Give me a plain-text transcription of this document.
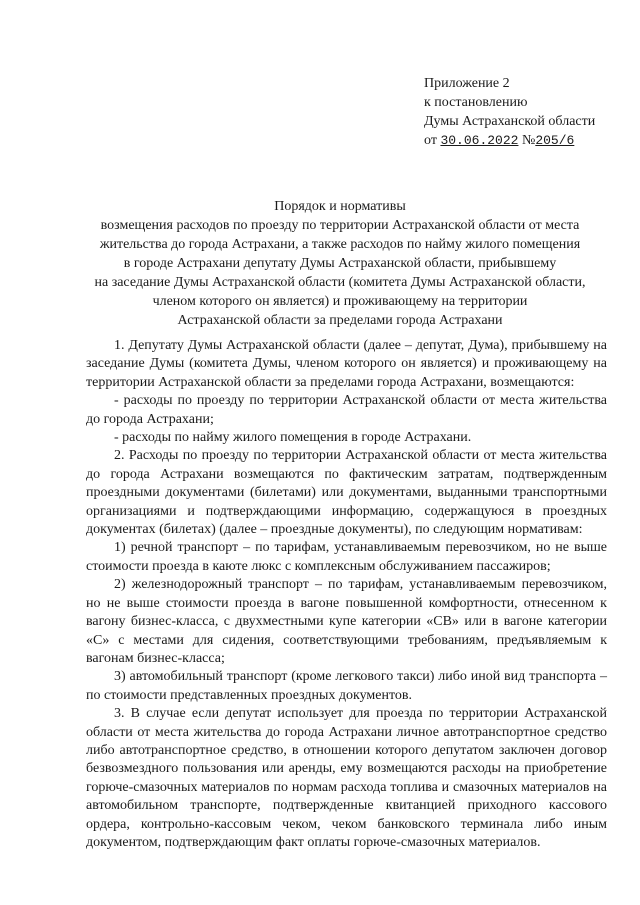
Приложение 2
к постановлению
Думы Астраханской области
от 30.06.2022 №205/6
Порядок и нормативы
возмещения расходов по проезду по территории Астраханской области от места
жительства до города Астрахани, а также расходов по найму жилого помещения
в городе Астрахани депутату Думы Астраханской области, прибывшему
на заседание Думы Астраханской области (комитета Думы Астраханской области,
членом которого он является) и проживающему на территории
Астраханской области за пределами города Астрахани

1. Депутату Думы Астраханской области (далее – депутат, Дума), прибывшему на заседание Думы (комитета Думы, членом которого он является) и проживающему на территории Астраханской области за пределами города Астрахани, возмещаются:

- расходы по проезду по территории Астраханской области от места жительства до города Астрахани;

- расходы по найму жилого помещения в городе Астрахани.

2. Расходы по проезду по территории Астраханской области от места жительства до города Астрахани возмещаются по фактическим затратам, подтвержденным проездными документами (билетами) или документами, выданными транспортными организациями и подтверждающими информацию, содержащуюся в проездных документах (билетах) (далее – проездные документы), по следующим нормативам:

1) речной транспорт – по тарифам, устанавливаемым перевозчиком, но не выше стоимости проезда в каюте люкс с комплексным обслуживанием пассажиров;

2) железнодорожный транспорт – по тарифам, устанавливаемым перевозчиком, но не выше стоимости проезда в вагоне повышенной комфортности, отнесенном к вагону бизнес-класса, с двухместными купе категории «СВ» или в вагоне категории «С» с местами для сидения, соответствующими требованиям, предъявляемым к вагонам бизнес-класса;

3) автомобильный транспорт (кроме легкового такси) либо иной вид транспорта – по стоимости представленных проездных документов.

3. В случае если депутат использует для проезда по территории Астраханской области от места жительства до города Астрахани личное автотранспортное средство либо автотранспортное средство, в отношении которого депутатом заключен договор безвозмездного пользования или аренды, ему возмещаются расходы на приобретение горюче-смазочных материалов по нормам расхода топлива и смазочных материалов на автомобильном транспорте, подтвержденные квитанцией приходного кассового ордера, контрольно-кассовым чеком, чеком банковского терминала либо иным документом, подтверждающим факт оплаты горюче-смазочных материалов.
